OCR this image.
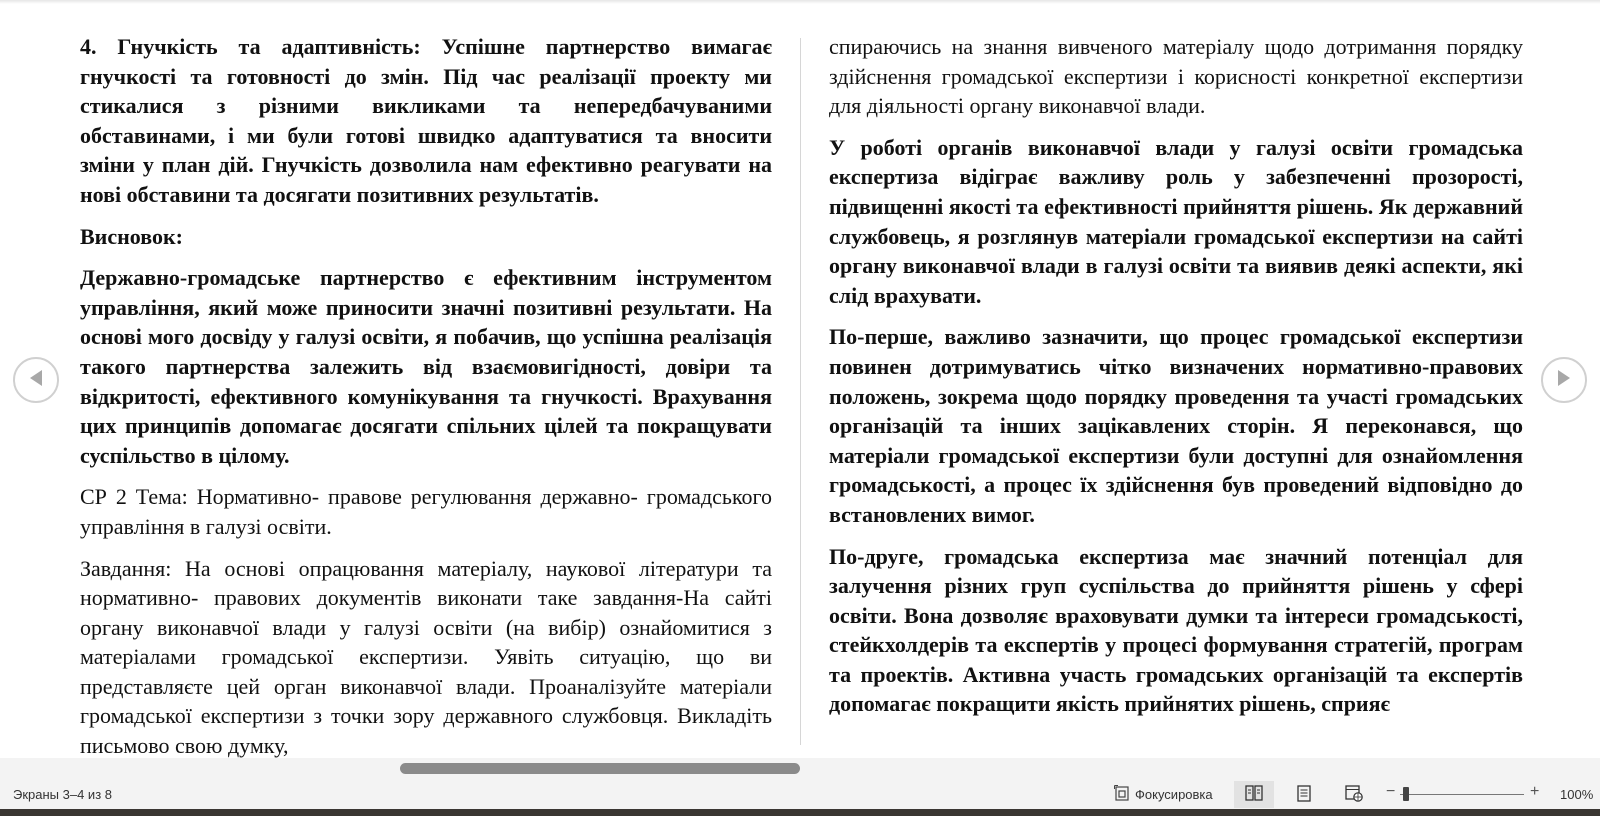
4. Гнучкість та адаптивність: Успішне партнерство вимагає гнучкості та готовності до змін. Під час реалізації проекту ми стикалися з різними викликами та непередбачуваними обставинами, і ми були готові швидко адаптуватися та вносити зміни у план дій. Гнучкість дозволила нам ефективно реагувати на нові обставини та досягати позитивних результатів.

Висновок:

Державно-громадське партнерство є ефективним інструментом управління, який може приносити значні позитивні результати. На основі мого досвіду у галузі освіти, я побачив, що успішна реалізація такого партнерства залежить від взаємовигідності, довіри та відкритості, ефективного комунікування та гнучкості. Врахування цих принципів допомагає досягати спільних цілей та покращувати суспільство в цілому.

СР 2 Тема: Нормативно- правове регулювання державно- громадського управління в галузі освіти.

Завдання: На основі опрацювання матеріалу, наукової літератури та нормативно- правових документів виконати таке завдання-На сайті органу виконавчої влади у галузі освіти (на вибір) ознайомитися з матеріалами громадської експертизи. Уявіть ситуацію, що ви представляєте цей орган виконавчої влади. Проаналізуйте матеріали громадської експертизи з точки зору державного службовця. Викладіть письмово свою думку,

спираючись на знання вивченого матеріалу щодо дотримання порядку здійснення громадської експертизи і корисності конкретної експертизи для діяльності органу виконавчої влади.

У роботі органів виконавчої влади у галузі освіти громадська експертиза відіграє важливу роль у забезпеченні прозорості, підвищенні якості та ефективності прийняття рішень. Як державний службовець, я розглянув матеріали громадської експертизи на сайті органу виконавчої влади в галузі освіти та виявив деякі аспекти, які слід врахувати.

По-перше, важливо зазначити, що процес громадської експертизи повинен дотримуватись чітко визначених нормативно-правових положень, зокрема щодо порядку проведення та участі громадських організацій та інших зацікавлених сторін. Я переконався, що матеріали громадської експертизи були доступні для ознайомлення громадськості, а процес їх здійснення був проведений відповідно до встановлених вимог.

По-друге, громадська експертиза має значний потенціал для залучення різних груп суспільства до прийняття рішень у сфері освіти. Вона дозволяє враховувати думки та інтереси громадськості, стейкхолдерів та експертів у процесі формування стратегій, програм та проектів. Активна участь громадських організацій та експертів допомагає покращити якість прийнятих рішень, сприяє

Экраны 3–4 из 8	Фокусировка	−	+ 100%
